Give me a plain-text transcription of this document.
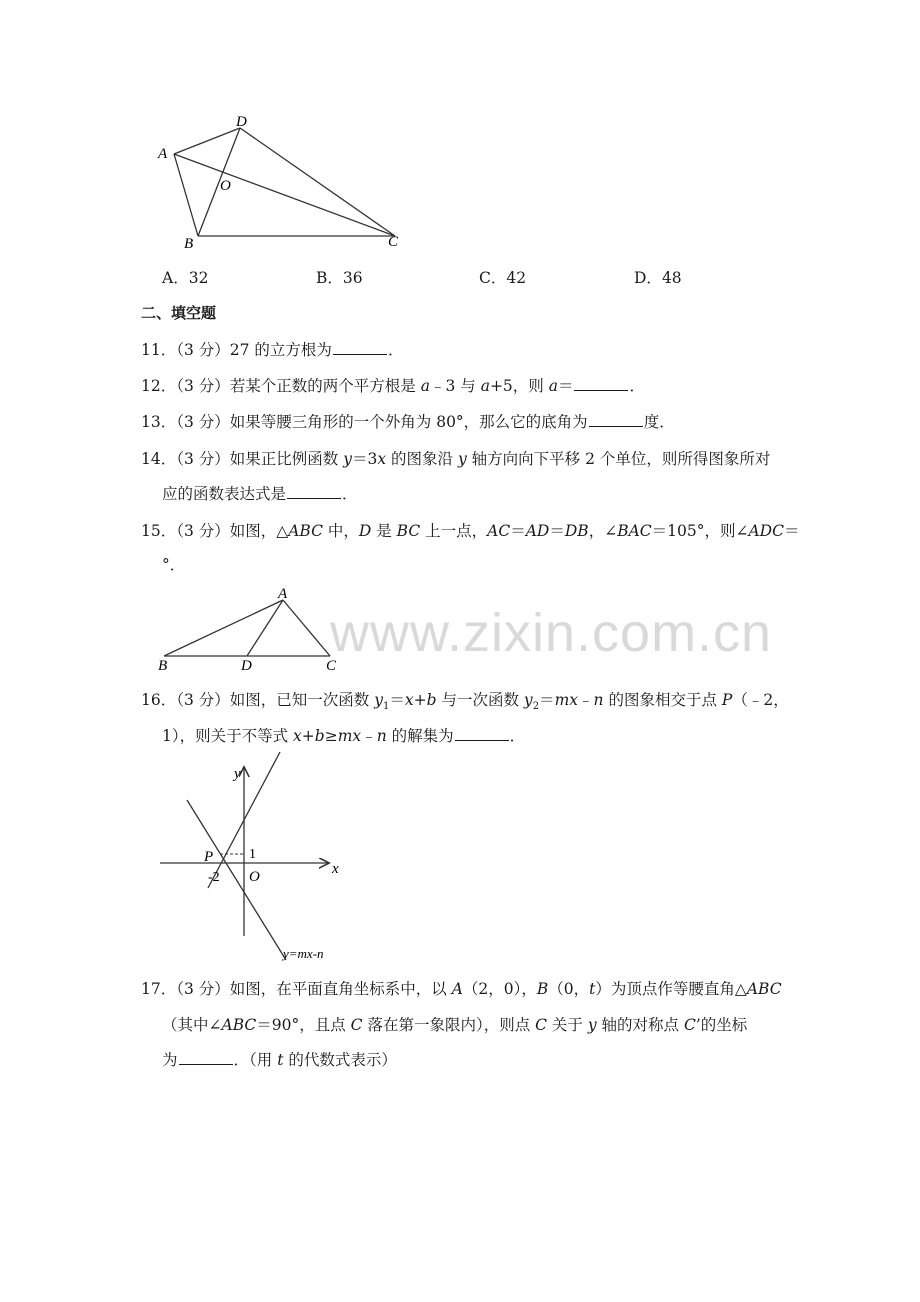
D
A
O
B	C
A．32	B．36	C．42	D．48
二、填空题
11．（3 分）27 的立方根为	．
12．（3 分）若某个正数的两个平方根是 a﹣3 与 a+5，则 a＝	．
13．（3 分）如果等腰三角形的一个外角为 80°，那么它的底角为	度．
14．（3 分）如果正比例函数 y＝3x 的图象沿 y 轴方向向下平移 2 个单位，则所得图象所对
应的函数表达式是	．
15．（3 分）如图，△ABC 中，D 是 BC 上一点，AC＝AD＝DB，∠BAC＝105°，则∠ADC＝
°．
A
B	D	C
www.zixin.com.cn
16．（3 分）如图，已知一次函数 $y_1=x+b$ 与一次函数 $y_2=mx﹣n$ 的图象相交于点 P（﹣2，
1），则关于不等式 x+b≥mx﹣n 的解集为	．
y
x
P	1
-2 O
y=mx-n
17．（3 分）如图，在平面直角坐标系中，以 A（2，0），B（0，t）为顶点作等腰直角△ABC
（其中∠ABC＝90°，且点 C 落在第一象限内），则点 C 关于 y 轴的对称点 C’的坐标
为	．（用 t 的代数式表示）
